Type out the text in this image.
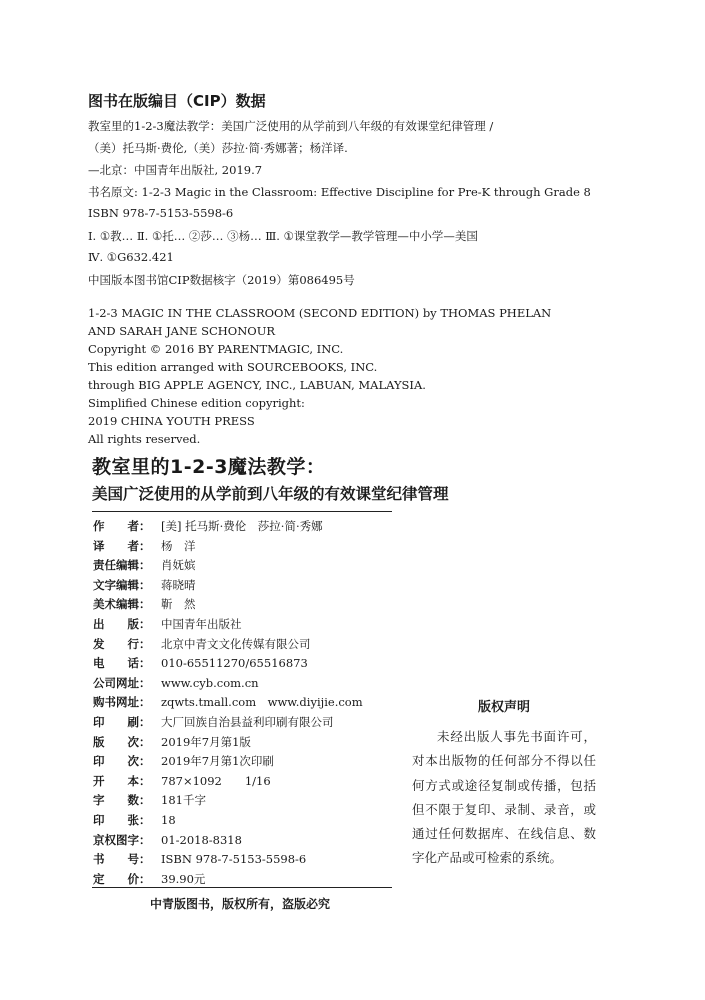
图书在版编目（CIP）数据
教室里的1-2-3魔法教学：美国广泛使用的从学前到八年级的有效课堂纪律管理 /
（美）托马斯·费伦,（美）莎拉·简·秀娜著；杨洋译.
—北京：中国青年出版社, 2019.7
书名原文: 1-2-3 Magic in the Classroom: Effective Discipline for Pre-K through Grade 8
ISBN 978-7-5153-5598-6
Ⅰ. ①教… Ⅱ. ①托… ②莎… ③杨… Ⅲ. ①课堂教学—教学管理—中小学—美国
Ⅳ. ①G632.421
中国版本图书馆CIP数据核字（2019）第086495号
1-2-3 MAGIC IN THE CLASSROOM (SECOND EDITION) by THOMAS PHELAN
AND SARAH JANE SCHONOUR
Copyright © 2016 BY PARENTMAGIC, INC.
This edition arranged with SOURCEBOOKS, INC.
through BIG APPLE AGENCY, INC., LABUAN, MALAYSIA.
Simplified Chinese edition copyright:
2019 CHINA YOUTH PRESS
All rights reserved.
教室里的1-2-3魔法教学：
美国广泛使用的从学前到八年级的有效课堂纪律管理
作　　者： [美] 托马斯·费伦　莎拉·简·秀娜
译　　者： 杨　洋
责任编辑： 肖妩嫔
文字编辑： 蒋晓晴
美术编辑： 靳　然
出　　版： 中国青年出版社
发　　行： 北京中青文文化传媒有限公司
电　　话： 010-65511270/65516873
公司网址： www.cyb.com.cn
购书网址： zqwts.tmall.com　www.diyijie.com
印　　刷： 大厂回族自治县益利印刷有限公司
版　　次： 2019年7月第1版
印　　次： 2019年7月第1次印刷
开　　本： 787×1092　　1/16
字　　数： 181千字
印　　张： 18
京权图字： 01-2018-8318
书　　号： ISBN 978-7-5153-5598-6
定　　价： 39.90元
版权声明

未经出版人事先书面许可，对本出版物的任何部分不得以任何方式或途径复制或传播，包括但不限于复印、录制、录音，或通过任何数据库、在线信息、数字化产品或可检索的系统。

中青版图书，版权所有，盗版必究
